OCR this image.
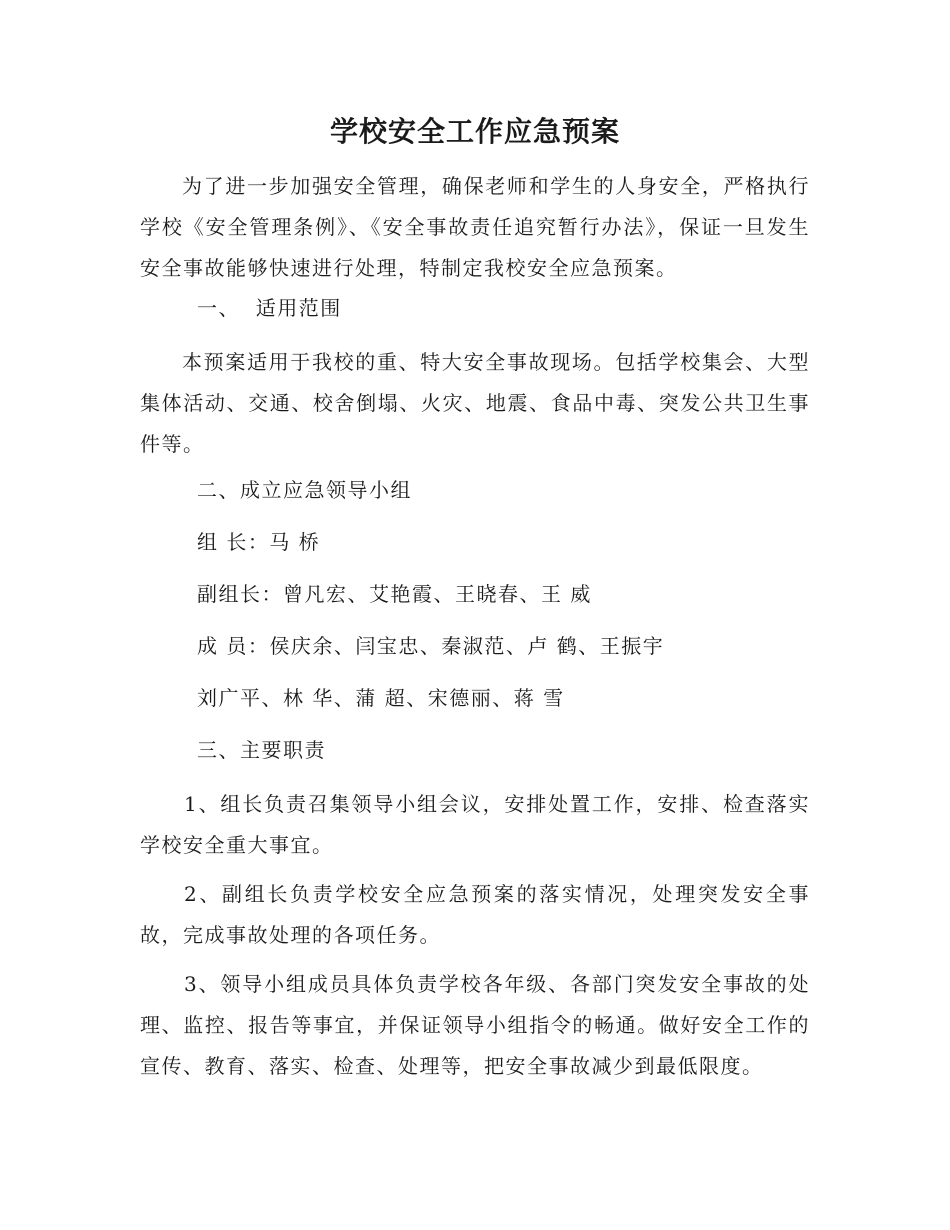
学校安全工作应急预案
为了进一步加强安全管理，确保老师和学生的人身安全，严格执行学校《安全管理条例》、《安全事故责任追究暂行办法》，保证一旦发生安全事故能够快速进行处理，特制定我校安全应急预案。
一、  适用范围
本预案适用于我校的重、特大安全事故现场。包括学校集会、大型集体活动、交通、校舍倒塌、火灾、地震、食品中毒、突发公共卫生事件等。
二、成立应急领导小组
组 长：马 桥
副组长：曾凡宏、艾艳霞、王晓春、王 威
成 员：侯庆余、闫宝忠、秦淑范、卢 鹤、王振宇
刘广平、林 华、蒲 超、宋德丽、蒋 雪
三、主要职责
1、组长负责召集领导小组会议，安排处置工作，安排、检查落实学校安全重大事宜。
2、副组长负责学校安全应急预案的落实情况，处理突发安全事故，完成事故处理的各项任务。
3、领导小组成员具体负责学校各年级、各部门突发安全事故的处理、监控、报告等事宜，并保证领导小组指令的畅通。做好安全工作的宣传、教育、落实、检查、处理等，把安全事故减少到最低限度。
